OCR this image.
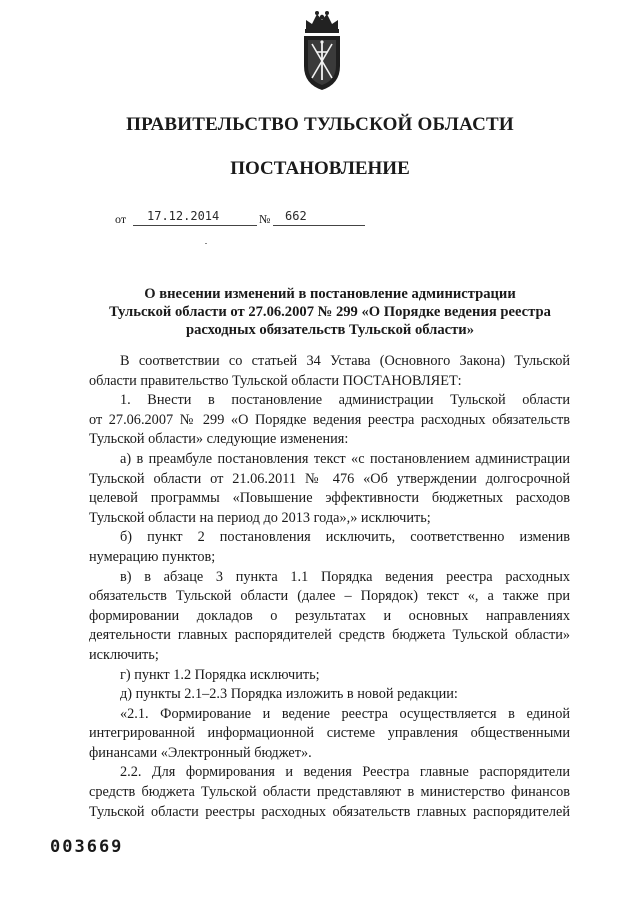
ПРАВИТЕЛЬСТВО ТУЛЬСКОЙ ОБЛАСТИ
ПОСТАНОВЛЕНИЕ
от 17.12.2014	№ 662
О внесении изменений в постановление администрации
Тульской области от 27.06.2007 № 299 «О Порядке ведения реестра
расходных обязательств Тульской области»
В соответствии со статьей 34 Устава (Основного Закона) Тульской
области правительство Тульской области ПОСТАНОВЛЯЕТ:
1. Внести в постановление администрации Тульской области
от 27.06.2007 № 299 «О Порядке ведения реестра расходных обязательств
Тульской области» следующие изменения:
а) в преамбуле постановления текст «с постановлением администрации
Тульской области от 21.06.2011 № 476 «Об утверждении долгосрочной
целевой программы «Повышение эффективности бюджетных расходов
Тульской области на период до 2013 года»,» исключить;
б) пункт 2 постановления исключить, соответственно изменив
нумерацию пунктов;
в) в абзаце 3 пункта 1.1 Порядка ведения реестра расходных
обязательств Тульской области (далее – Порядок) текст «, а также при
формировании докладов о результатах и основных направлениях
деятельности главных распорядителей средств бюджета Тульской области»
исключить;
г) пункт 1.2 Порядка исключить;
д) пункты 2.1–2.3 Порядка изложить в новой редакции:
«2.1. Формирование и ведение реестра осуществляется в единой
интегрированной информационной системе управления общественными
финансами «Электронный бюджет».
2.2. Для формирования и ведения Реестра главные распорядители
средств бюджета Тульской области представляют в министерство финансов
Тульской области реестры расходных обязательств главных распорядителей
003669
